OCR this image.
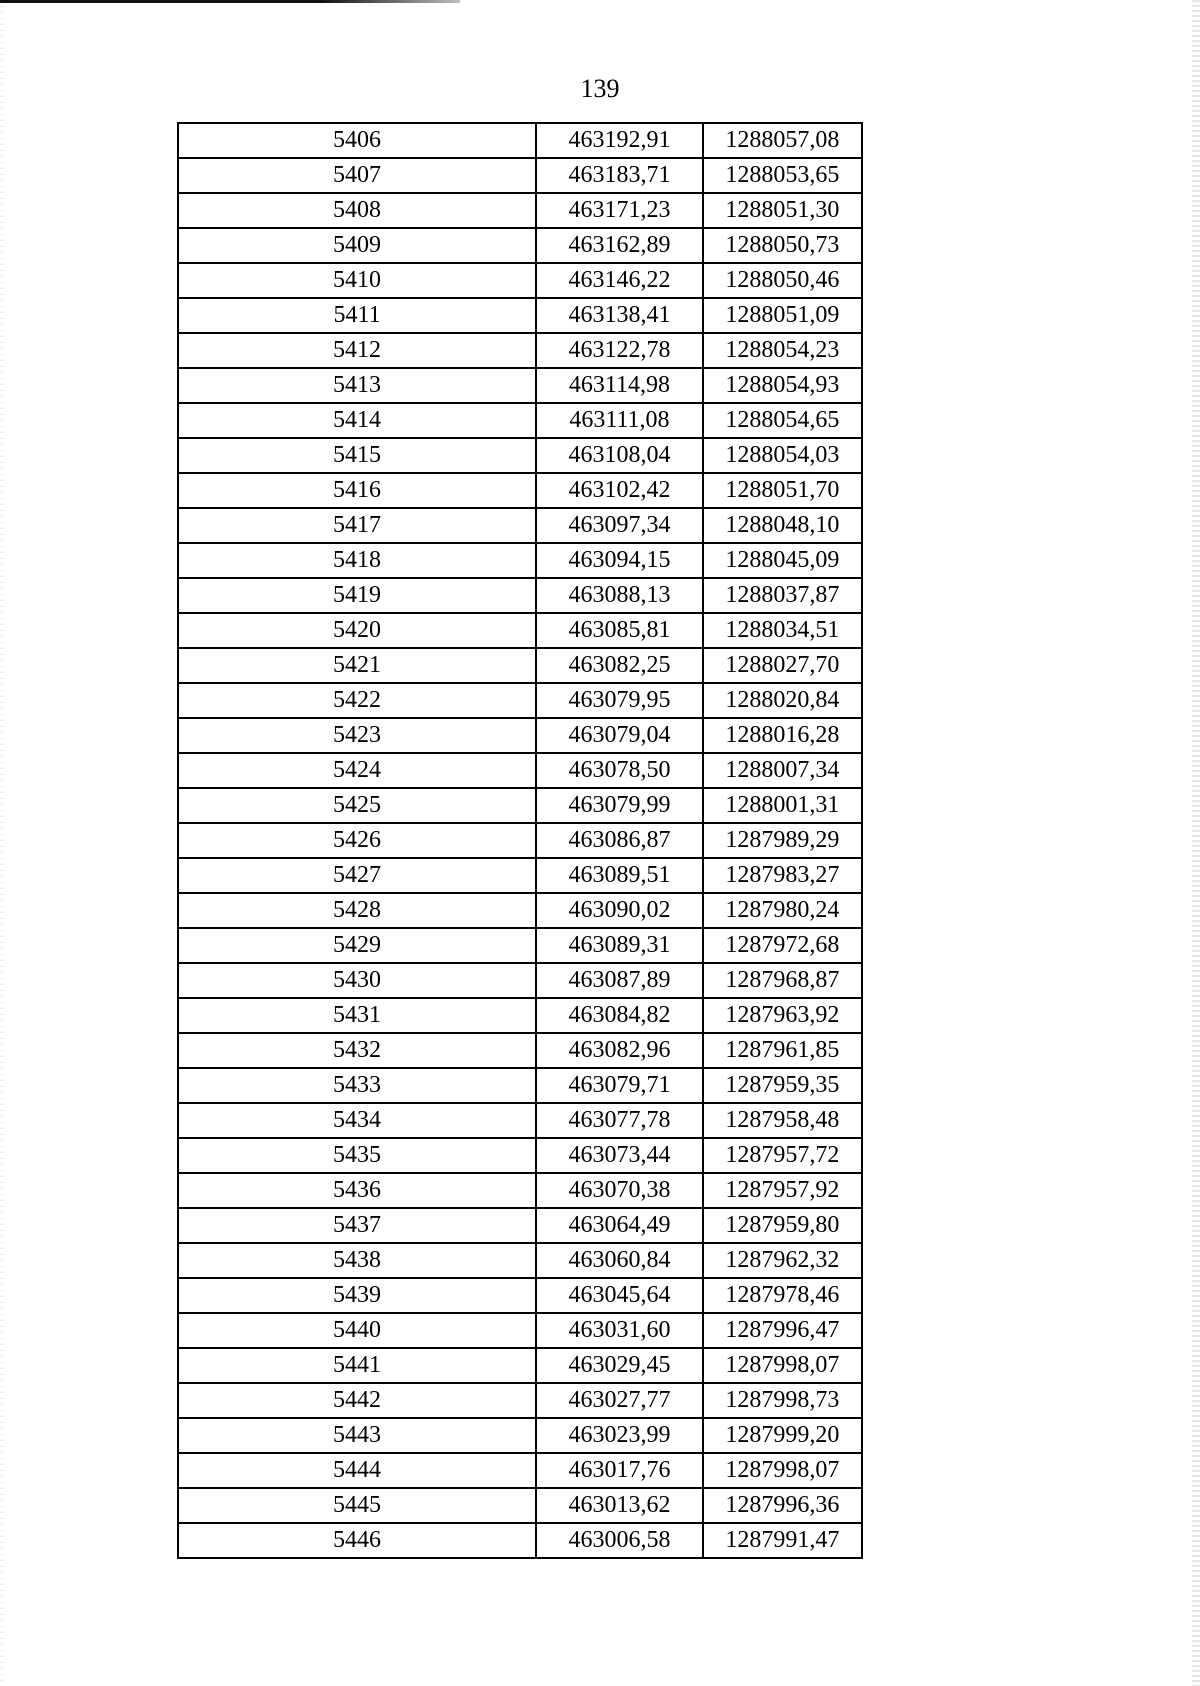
139
5406	463192,91	1288057,08
5407	463183,71	1288053,65
5408	463171,23	1288051,30
5409	463162,89	1288050,73
5410	463146,22	1288050,46
5411	463138,41	1288051,09
5412	463122,78	1288054,23
5413	463114,98	1288054,93
5414	463111,08	1288054,65
5415	463108,04	1288054,03
5416	463102,42	1288051,70
5417	463097,34	1288048,10
5418	463094,15	1288045,09
5419	463088,13	1288037,87
5420	463085,81	1288034,51
5421	463082,25	1288027,70
5422	463079,95	1288020,84
5423	463079,04	1288016,28
5424	463078,50	1288007,34
5425	463079,99	1288001,31
5426	463086,87	1287989,29
5427	463089,51	1287983,27
5428	463090,02	1287980,24
5429	463089,31	1287972,68
5430	463087,89	1287968,87
5431	463084,82	1287963,92
5432	463082,96	1287961,85
5433	463079,71	1287959,35
5434	463077,78	1287958,48
5435	463073,44	1287957,72
5436	463070,38	1287957,92
5437	463064,49	1287959,80
5438	463060,84	1287962,32
5439	463045,64	1287978,46
5440	463031,60	1287996,47
5441	463029,45	1287998,07
5442	463027,77	1287998,73
5443	463023,99	1287999,20
5444	463017,76	1287998,07
5445	463013,62	1287996,36
5446	463006,58	1287991,47
